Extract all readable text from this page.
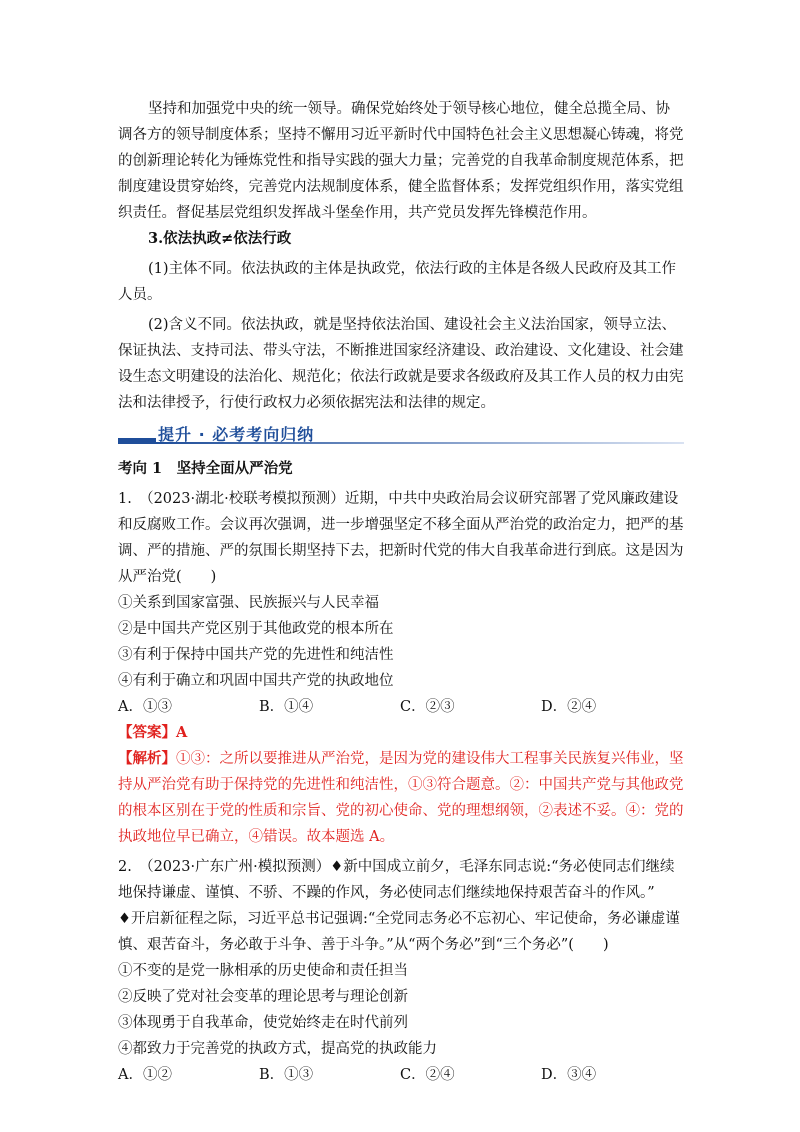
坚持和加强党中央的统一领导。确保党始终处于领导核心地位，健全总揽全局、协调各方的领导制度体系；坚持不懈用习近平新时代中国特色社会主义思想凝心铸魂，将党的创新理论转化为锤炼党性和指导实践的强大力量；完善党的自我革命制度规范体系，把制度建设贯穿始终，完善党内法规制度体系，健全监督体系；发挥党组织作用，落实党组织责任。督促基层党组织发挥战斗堡垒作用，共产党员发挥先锋模范作用。

3.依法执政≠依法行政

(1)主体不同。依法执政的主体是执政党，依法行政的主体是各级人民政府及其工作人员。

(2)含义不同。依法执政，就是坚持依法治国、建设社会主义法治国家，领导立法、保证执法、支持司法、带头守法，不断推进国家经济建设、政治建设、文化建设、社会建设生态文明建设的法治化、规范化；依法行政就是要求各级政府及其工作人员的权力由宪法和法律授予，行使行政权力必须依据宪法和法律的规定。

提升 · 必考考向归纳

考向 1　坚持全面从严治党

1.　（2023·湖北·校联考模拟预测）近期，中共中央政治局会议研究部署了党风廉政建设和反腐败工作。会议再次强调，进一步增强坚定不移全面从严治党的政治定力，把严的基调、严的措施、严的氛围长期坚持下去，把新时代党的伟大自我革命进行到底。这是因为从严治党(　　)

①关系到国家富强、民族振兴与人民幸福

②是中国共产党区别于其他政党的根本所在

③有利于保持中国共产党的先进性和纯洁性

④有利于确立和巩固中国共产党的执政地位

A．①③	B．①④	C．②③	D．②④

【答案】A

【解析】①③：之所以要推进从严治党，是因为党的建设伟大工程事关民族复兴伟业，坚持从严治党有助于保持党的先进性和纯洁性，①③符合题意。②：中国共产党与其他政党的根本区别在于党的性质和宗旨、党的初心使命、党的理想纲领，②表述不妥。④：党的执政地位早已确立，④错误。故本题选 A。

2.　（2023·广东广州·模拟预测）♦新中国成立前夕，毛泽东同志说:“务必使同志们继续地保持谦虚、谨慎、不骄、不躁的作风，务必使同志们继续地保持艰苦奋斗的作风。”

♦开启新征程之际，习近平总书记强调:“全党同志务必不忘初心、牢记使命，务必谦虚谨慎、艰苦奋斗，务必敢于斗争、善于斗争。”从“两个务必”到“三个务必”(　　)

①不变的是党一脉相承的历史使命和责任担当

②反映了党对社会变革的理论思考与理论创新

③体现勇于自我革命，使党始终走在时代前列

④都致力于完善党的执政方式，提高党的执政能力

A．①②	B．①③	C．②④	D．③④
